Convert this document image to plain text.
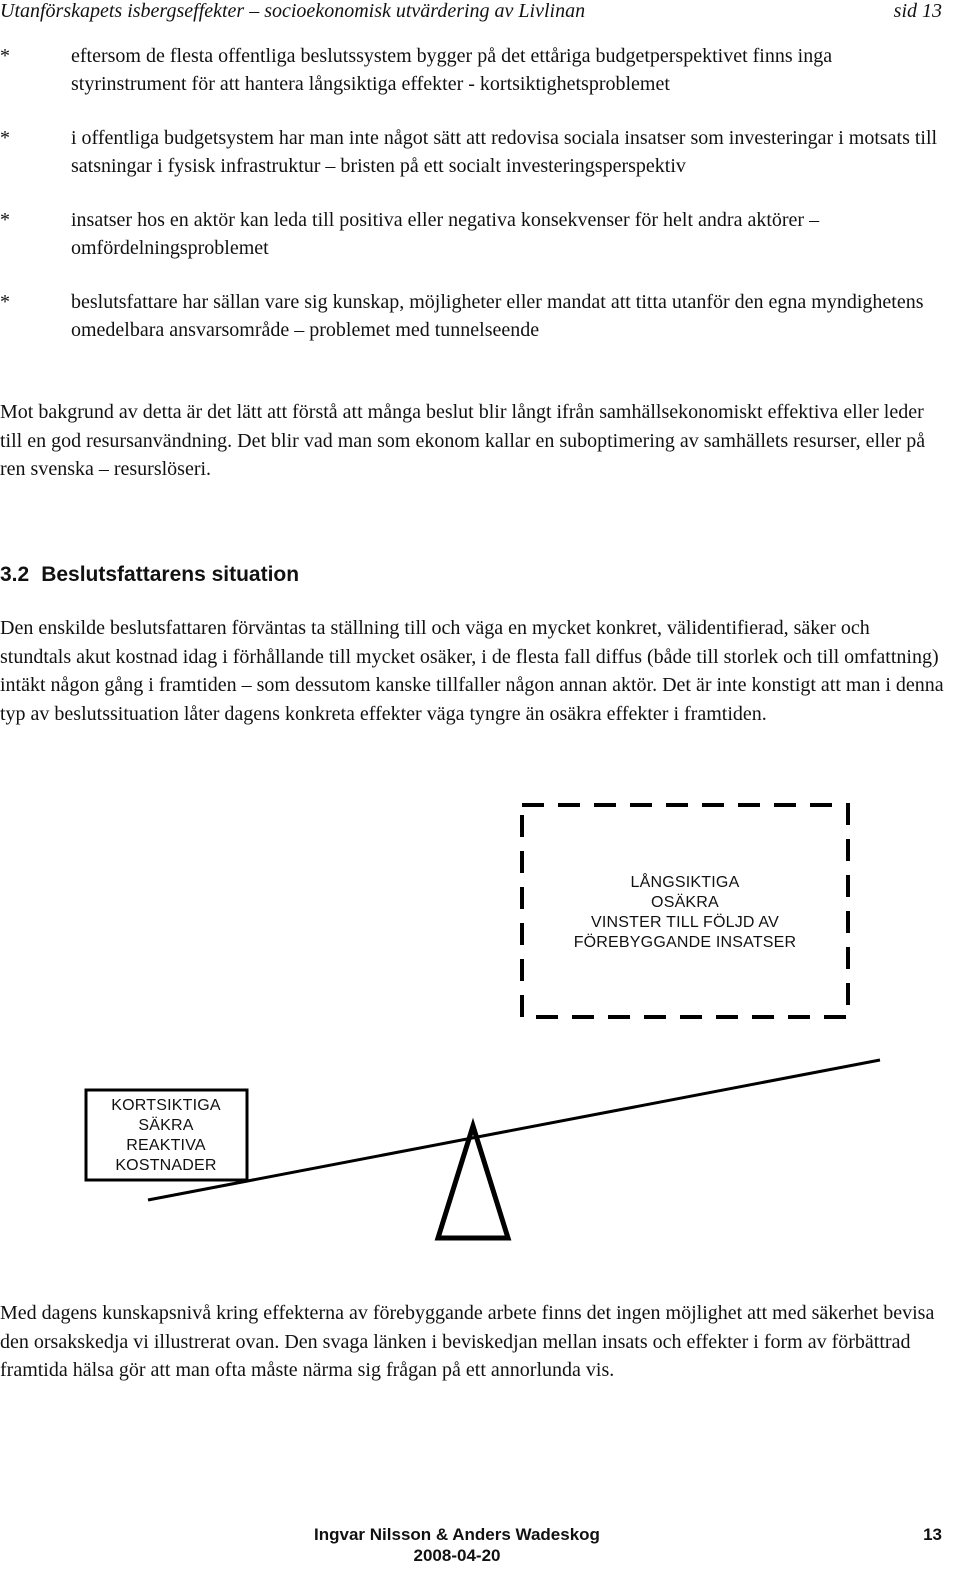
Utanförskapets isbergseffekter – socioekonomisk utvärdering av Livlinan	sid 13
*	eftersom de flesta offentliga beslutssystem bygger på det ettåriga budgetperspektivet finns inga styrinstrument för att hantera långsiktiga effekter - kortsiktighetsproblemet
*	i offentliga budgetsystem har man inte något sätt att redovisa sociala insatser som investeringar i motsats till satsningar i fysisk infrastruktur – bristen på ett socialt investeringsperspektiv
*	insatser hos en aktör kan leda till positiva eller negativa konsekvenser för helt andra aktörer – omfördelningsproblemet
*	beslutsfattare har sällan vare sig kunskap, möjligheter eller mandat att titta utanför den egna myndighetens omedelbara ansvarsområde – problemet med tunnelseende

Mot bakgrund av detta är det lätt att förstå att många beslut blir långt ifrån samhällsekonomiskt effektiva eller leder till en god resursanvändning. Det blir vad man som ekonom kallar en suboptimering av samhällets resurser, eller på ren svenska – resurslöseri.

3.2 Beslutsfattarens situation

Den enskilde beslutsfattaren förväntas ta ställning till och väga en mycket konkret, välidentifierad, säker och stundtals akut kostnad idag i förhållande till mycket osäker, i de flesta fall diffus (både till storlek och till omfattning) intäkt någon gång i framtiden – som dessutom kanske tillfaller någon annan aktör. Det är inte konstigt att man i denna typ av beslutssituation låter dagens konkreta effekter väga tyngre än osäkra effekter i framtiden.

LÅNGSIKTIGA
OSÄKRA
VINSTER TILL FÖLJD AV
FÖREBYGGANDE INSATSER
KORTSIKTIGA
SÄKRA
REAKTIVA
KOSTNADER

Med dagens kunskapsnivå kring effekterna av förebyggande arbete finns det ingen möjlighet att med säkerhet bevisa den orsakskedja vi illustrerat ovan. Den svaga länken i beviskedjan mellan insats och effekter i form av förbättrad framtida hälsa gör att man ofta måste närma sig frågan på ett annorlunda vis.

Ingvar Nilsson & Anders Wadeskog
2008-04-20
13
